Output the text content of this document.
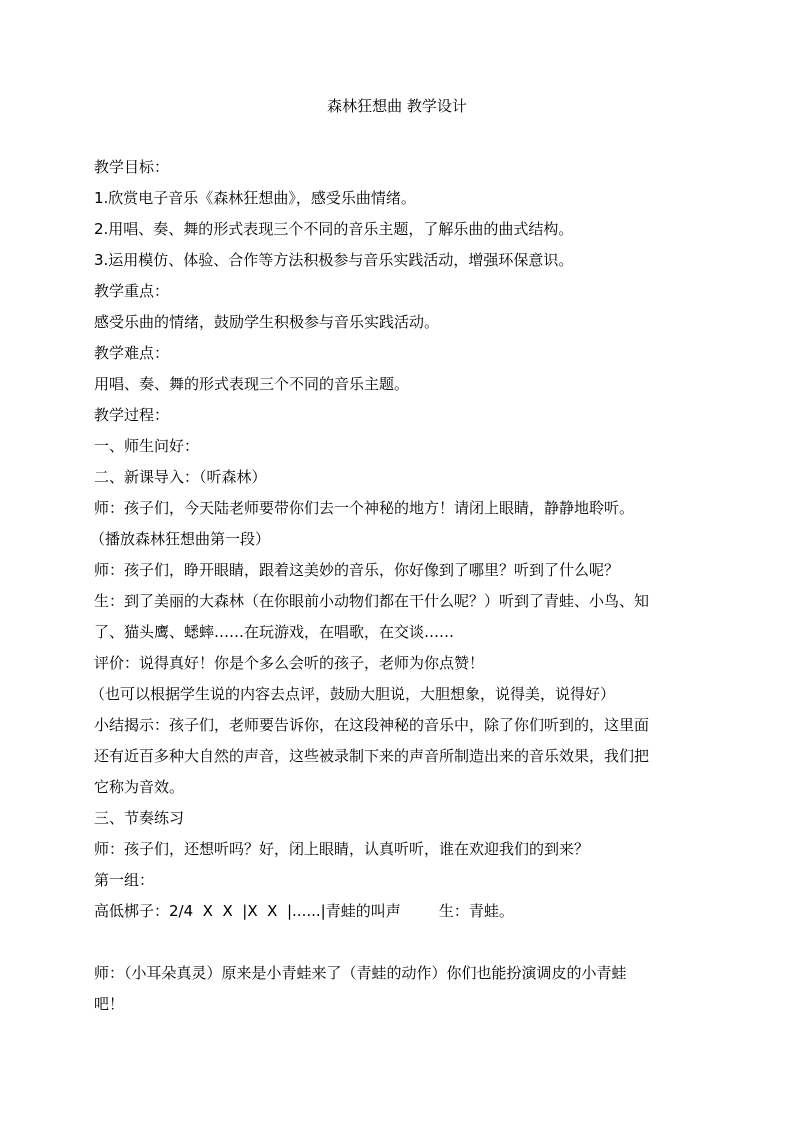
森林狂想曲 教学设计
教学目标：
1.欣赏电子音乐《森林狂想曲》，感受乐曲情绪。
2.用唱、奏、舞的形式表现三个不同的音乐主题，了解乐曲的曲式结构。
3.运用模仿、体验、合作等方法积极参与音乐实践活动，增强环保意识。
教学重点：
感受乐曲的情绪，鼓励学生积极参与音乐实践活动。
教学难点：
用唱、奏、舞的形式表现三个不同的音乐主题。
教学过程：
一、师生问好：
二、新课导入：（听森林）
师：孩子们，今天陆老师要带你们去一个神秘的地方！请闭上眼睛，静静地聆听。
（播放森林狂想曲第一段）
师：孩子们，睁开眼睛，跟着这美妙的音乐，你好像到了哪里？听到了什么呢？
生：到了美丽的大森林（在你眼前小动物们都在干什么呢？）听到了青蛙、小鸟、知
了、猫头鹰、蟋蟀……在玩游戏，在唱歌，在交谈……
评价：说得真好！你是个多么会听的孩子，老师为你点赞！
（也可以根据学生说的内容去点评，鼓励大胆说，大胆想象，说得美，说得好）
小结揭示：孩子们，老师要告诉你，在这段神秘的音乐中，除了你们听到的，这里面
还有近百多种大自然的声音，这些被录制下来的声音所制造出来的音乐效果，我们把
它称为音效。
三、节奏练习
师：孩子们，还想听吗？好，闭上眼睛，认真听听，谁在欢迎我们的到来？
第一组：
高低梆子：2/4  X  X  |X  X  |......|青蛙的叫声        生：青蛙。
师：（小耳朵真灵）原来是小青蛙来了（青蛙的动作）你们也能扮演调皮的小青蛙
吧！
